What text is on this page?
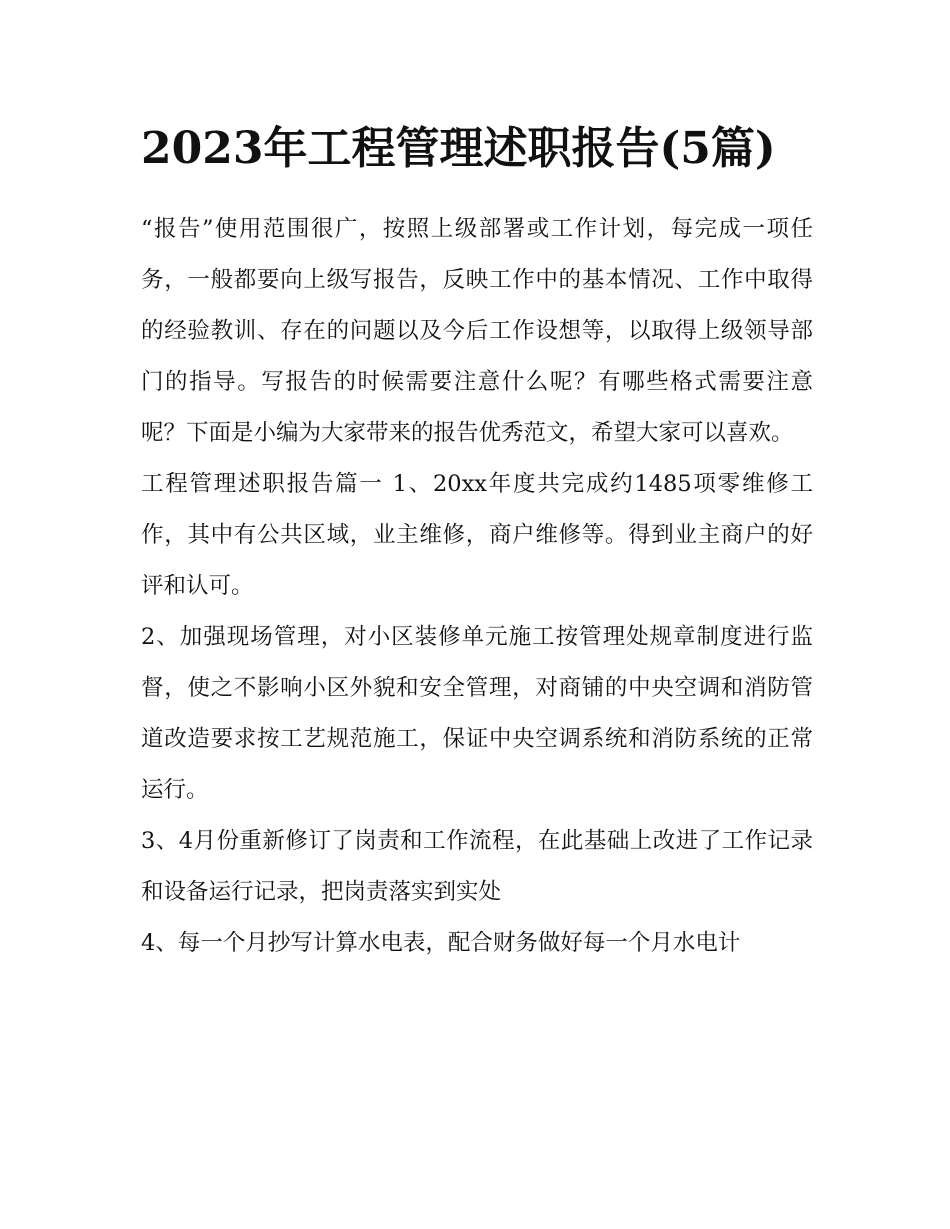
2023年工程管理述职报告(5篇)

“报告”使用范围很广，按照上级部署或工作计划，每完成一项任务，一般都要向上级写报告，反映工作中的基本情况、工作中取得的经验教训、存在的问题以及今后工作设想等，以取得上级领导部门的指导。写报告的时候需要注意什么呢？有哪些格式需要注意呢？下面是小编为大家带来的报告优秀范文，希望大家可以喜欢。

工程管理述职报告篇一 1、20xx年度共完成约1485项零维修工作，其中有公共区域，业主维修，商户维修等。得到业主商户的好评和认可。

2、加强现场管理，对小区装修单元施工按管理处规章制度进行监督，使之不影响小区外貌和安全管理，对商铺的中央空调和消防管道改造要求按工艺规范施工，保证中央空调系统和消防系统的正常运行。

3、4月份重新修订了岗责和工作流程，在此基础上改进了工作记录和设备运行记录，把岗责落实到实处

4、每一个月抄写计算水电表，配合财务做好每一个月水电计
